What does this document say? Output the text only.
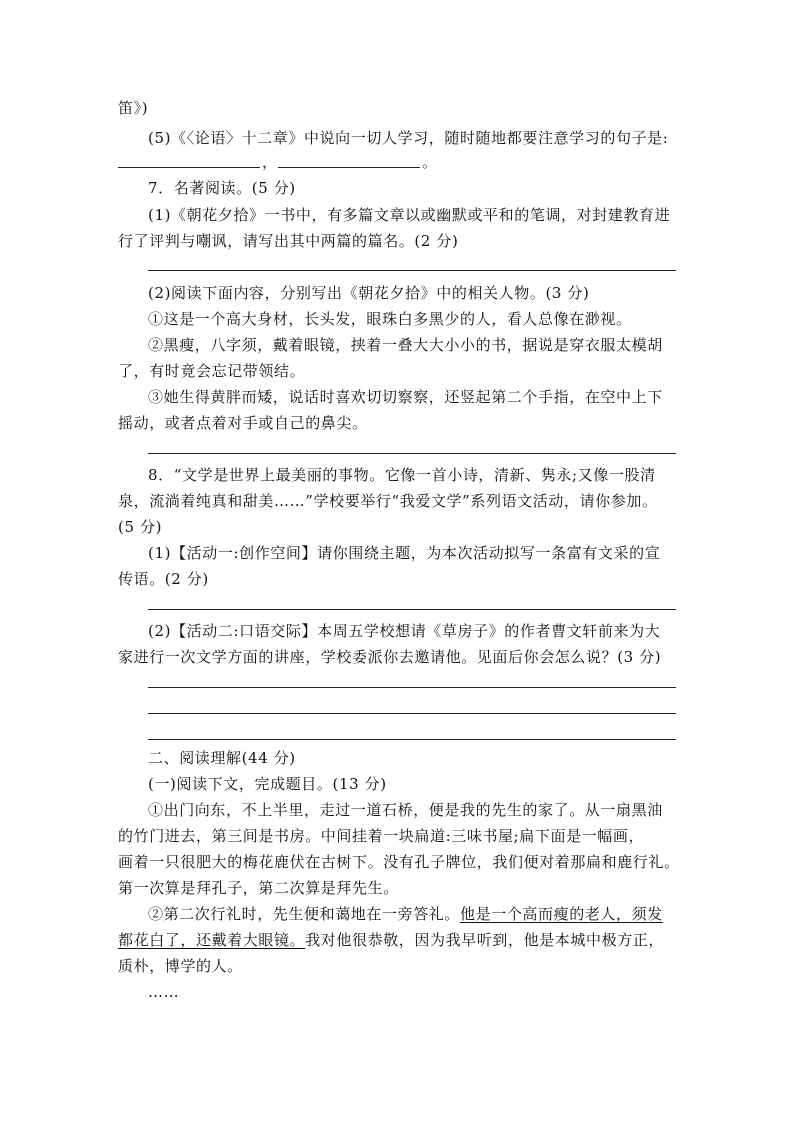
笛》)
(5)《〈论语〉十二章》中说向一切人学习，随时随地都要注意学习的句子是:
，	。
7．名著阅读。(5 分)
(1)《朝花夕拾》一书中，有多篇文章以或幽默或平和的笔调，对封建教育进
行了评判与嘲讽，请写出其中两篇的篇名。(2 分)
(2)阅读下面内容，分别写出《朝花夕拾》中的相关人物。(3 分)
①这是一个高大身材，长头发，眼珠白多黑少的人，看人总像在渺视。
②黑瘦，八字须，戴着眼镜，挟着一叠大大小小的书，据说是穿衣服太模胡
了，有时竟会忘记带领结。
③她生得黄胖而矮，说话时喜欢切切察察，还竖起第二个手指，在空中上下
摇动，或者点着对手或自己的鼻尖。
8．“文学是世界上最美丽的事物。它像一首小诗，清新、隽永;又像一股清
泉，流淌着纯真和甜美……”学校要举行“我爱文学”系列语文活动，请你参加。
(5 分)
(1)【活动一:创作空间】请你围绕主题，为本次活动拟写一条富有文采的宣
传语。(2 分)
(2)【活动二:口语交际】本周五学校想请《草房子》的作者曹文轩前来为大
家进行一次文学方面的讲座，学校委派你去邀请他。见面后你会怎么说？(3 分)
二、阅读理解(44 分)
(一)阅读下文，完成题目。(13 分)
①出门向东，不上半里，走过一道石桥，便是我的先生的家了。从一扇黑油
的竹门进去，第三间是书房。中间挂着一块扁道:三味书屋;扁下面是一幅画，
画着一只很肥大的梅花鹿伏在古树下。没有孔子牌位，我们便对着那扁和鹿行礼。
第一次算是拜孔子，第二次算是拜先生。
②第二次行礼时，先生便和蔼地在一旁答礼。他是一个高而瘦的老人，须发
都花白了，还戴着大眼镜。我对他很恭敬，因为我早听到，他是本城中极方正，
质朴，博学的人。
……
